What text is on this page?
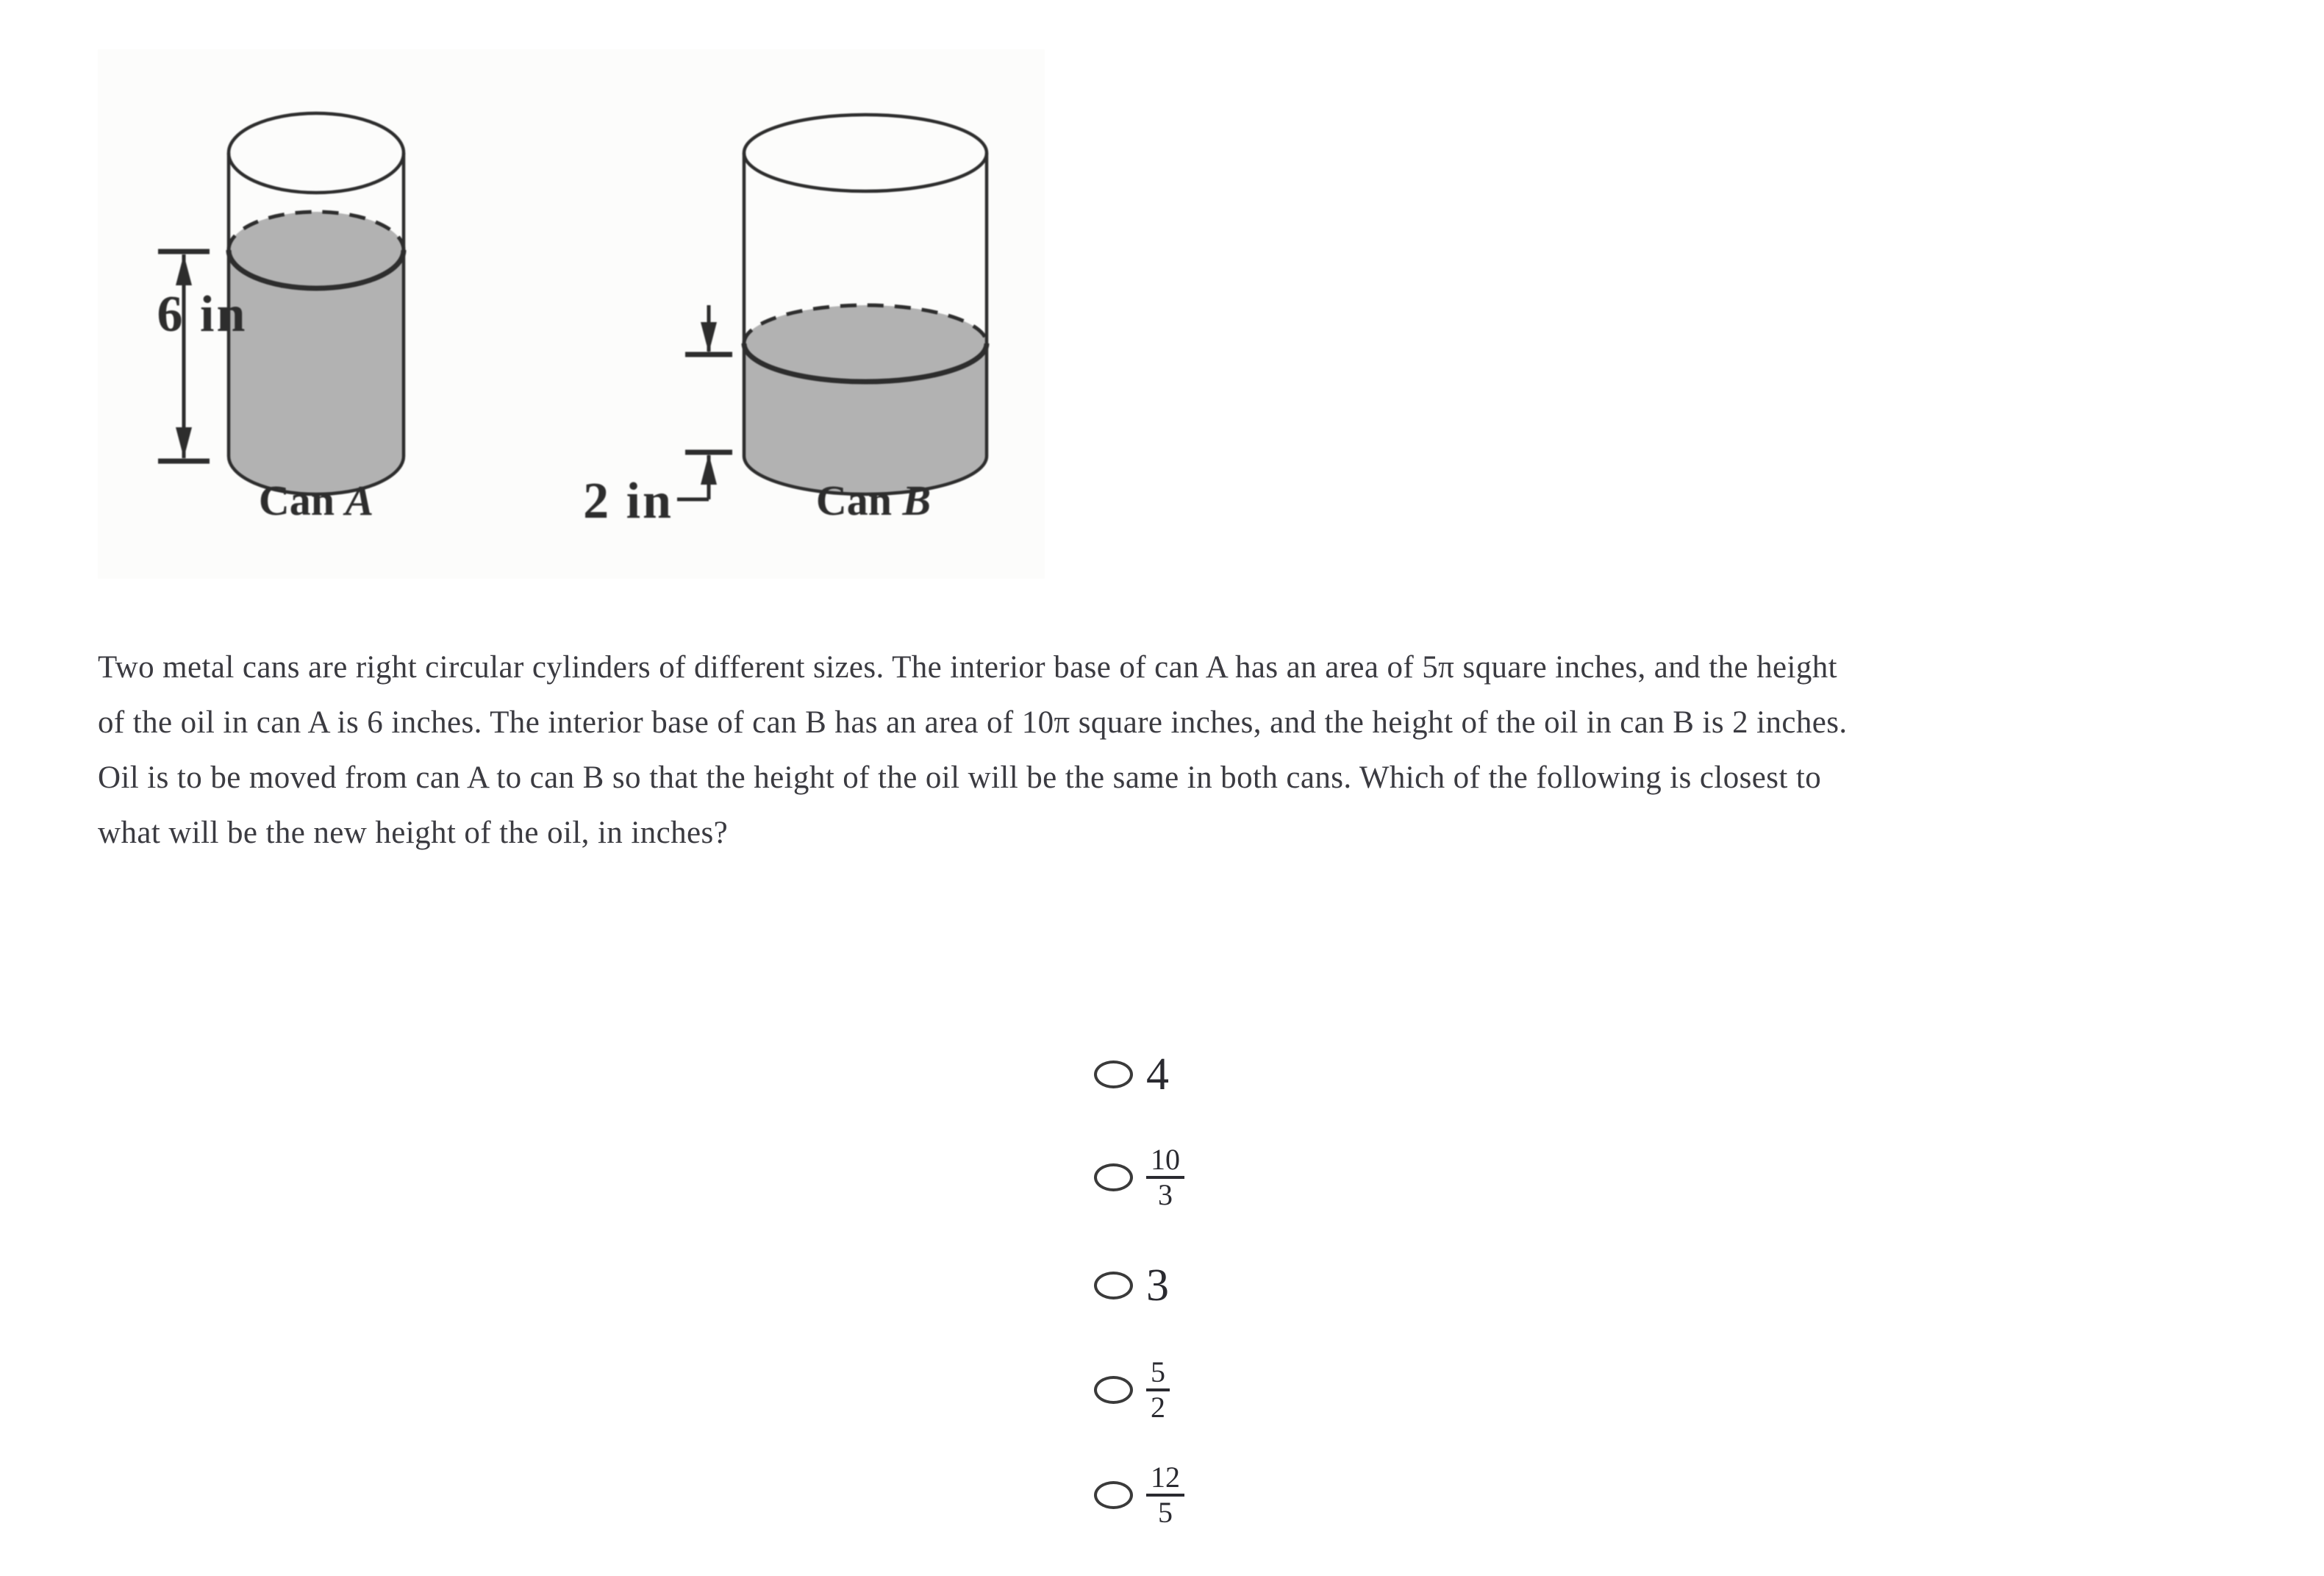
6 in
Can A	2 in	Can B
Two metal cans are right circular cylinders of different sizes. The interior base of can A has an area of 5π square inches, and the height
of the oil in can A is 6 inches. The interior base of can B has an area of 10π square inches, and the height of the oil in can B is 2 inches.
Oil is to be moved from can A to can B so that the height of the oil will be the same in both cans. Which of the following is closest to
what will be the new height of the oil, in inches?
4
$\frac{10}{3}$
3
$\frac{5}{2}$
$\frac{12}{5}$
